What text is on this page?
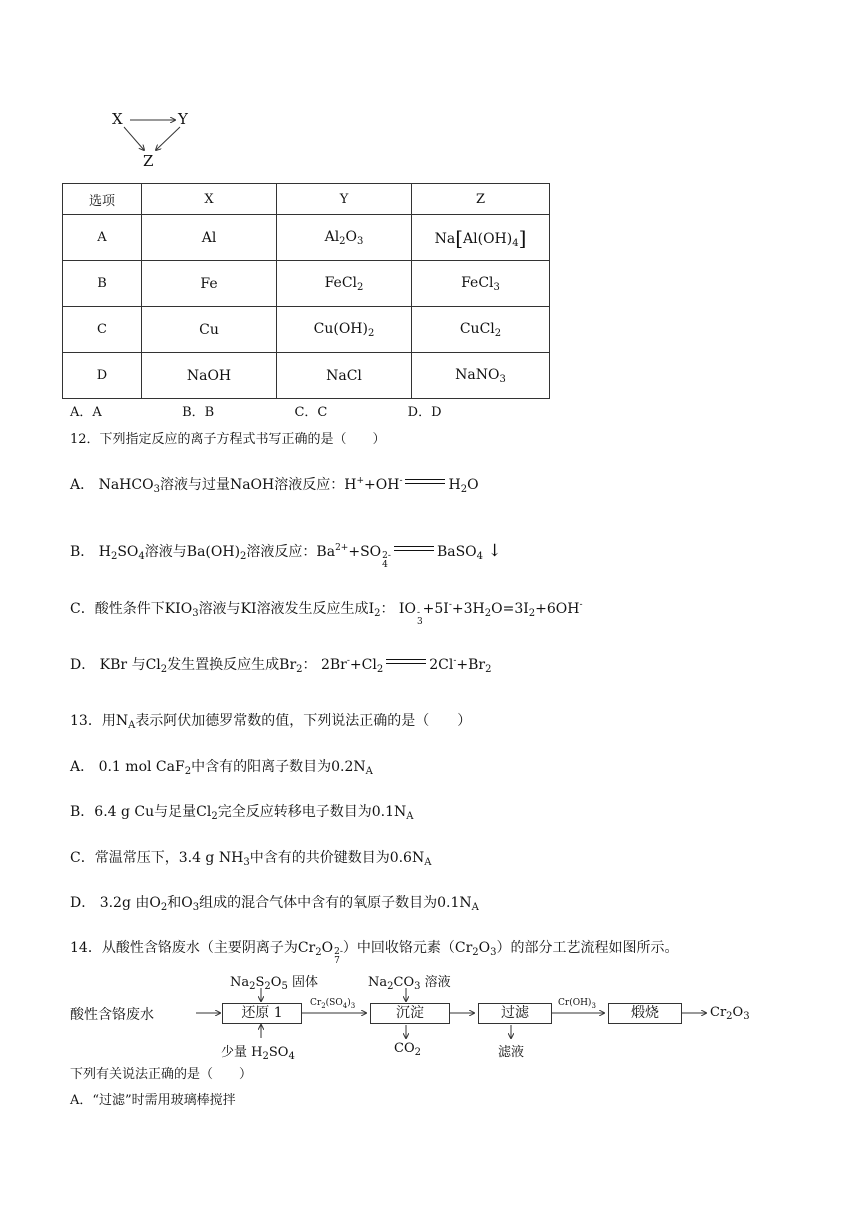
X	Y
Z
选项	X	Y	Z
A	Al	$Al_2O_3$	$Na[Al(OH)_4]$
B	Fe	FeCl$_2$	FeCl$_3$
C	Cu	$Cu(OH)_2$	CuCl$_2$
D	NaOH	NaCl	NaNO$_3$
A．A	B．B	C．C	D．D
12．下列指定反应的离子方程式书写正确的是（　　）
A． NaHCO$_3$溶液与过量NaOH溶液反应：H++OH-	$H_2O$
B． $H_2SO_4$溶液与$Ba(OH)_2$溶液反应：$Ba^{2+}+SO$ 2-
4
BaSO$_4$ ↓
C．酸性条件下$KIO_3$溶液与KI溶液发生反应生成$I_2$： IO -
3
$+5I^-+3H_2O=3I_2+6OH^-$
D． KBr 与$Cl_2$发生置换反应生成$Br_2$： $2Br^-+Cl_2$	$2Cl^-+Br_2$
13．用$N_A$表示阿伏加德罗常数的值，下列说法正确的是（　　）
A． 0.1 mol CaF$_2$中含有的阳离子数目为$0.2N_A$
B．6.4 g Cu与足量$Cl_2$完全反应转移电子数目为$0.1N_A$
C．常温常压下，3.4 g $NH_3$中含有的共价键数目为$0.6N_A$
D． 3.2g 由$O_2$和$O_3$组成的混合气体中含有的氧原子数目为$0.1N_A$
14．从酸性含铬废水（主要阴离子为$Cr_2O$ 2-
7
）中回收铬元素$(Cr_2O_3)$的部分工艺流程如图所示。
酸性含铬废水	还原 1	沉淀	过滤	煅烧
$Na_2S_2O_5$ 固体	$Na_2CO_3$ 溶液
$Cr_2(SO_4)_3$	$Cr(OH)_3$	$Cr_2O_3$
少量 $H_2SO_4$
$CO_2$	滤液
下列有关说法正确的是（　　）
A．“过滤”时需用玻璃棒搅拌
